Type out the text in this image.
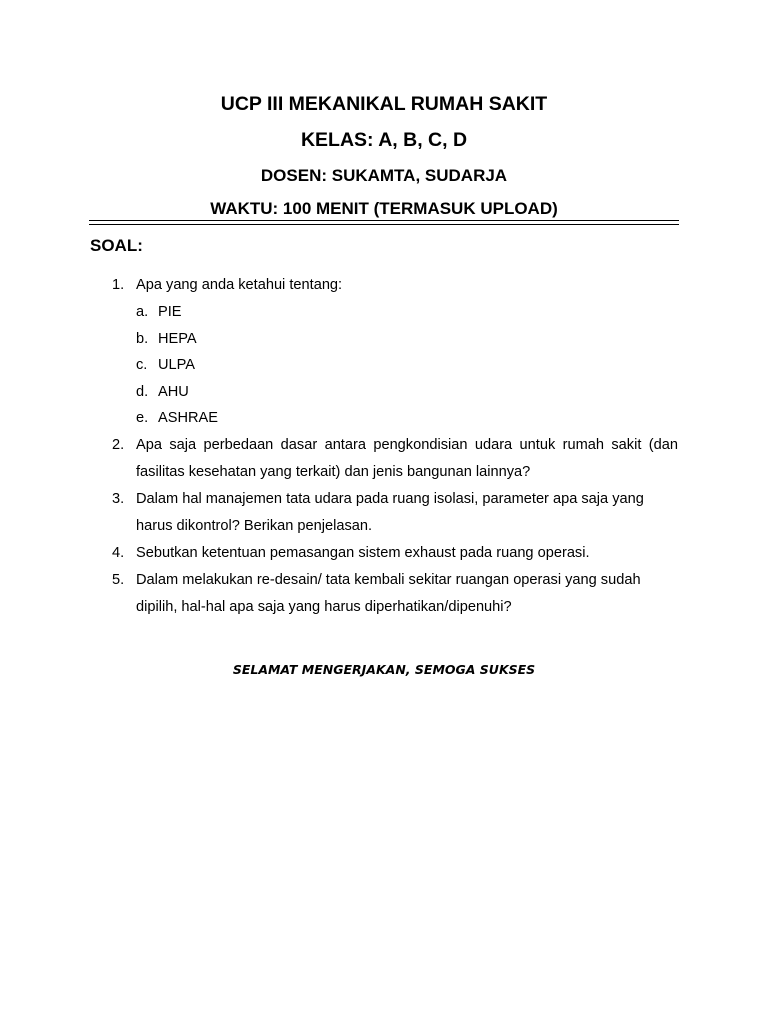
UCP III MEKANIKAL RUMAH SAKIT
KELAS: A, B, C, D
DOSEN: SUKAMTA, SUDARJA
WAKTU: 100 MENIT (TERMASUK UPLOAD)
SOAL:
1. Apa yang anda ketahui tentang:
a. PIE
b. HEPA
c. ULPA
d. AHU
e. ASHRAE
2. Apa saja perbedaan dasar antara pengkondisian udara untuk rumah sakit (dan fasilitas kesehatan yang terkait) dan jenis bangunan lainnya?
3. Dalam hal manajemen tata udara pada ruang isolasi, parameter apa saja yang harus dikontrol? Berikan penjelasan.
4. Sebutkan ketentuan pemasangan sistem exhaust pada ruang operasi.
5. Dalam melakukan re-desain/ tata kembali sekitar ruangan operasi yang sudah dipilih, hal-hal apa saja yang harus diperhatikan/dipenuhi?
SELAMAT MENGERJAKAN, SEMOGA SUKSES
